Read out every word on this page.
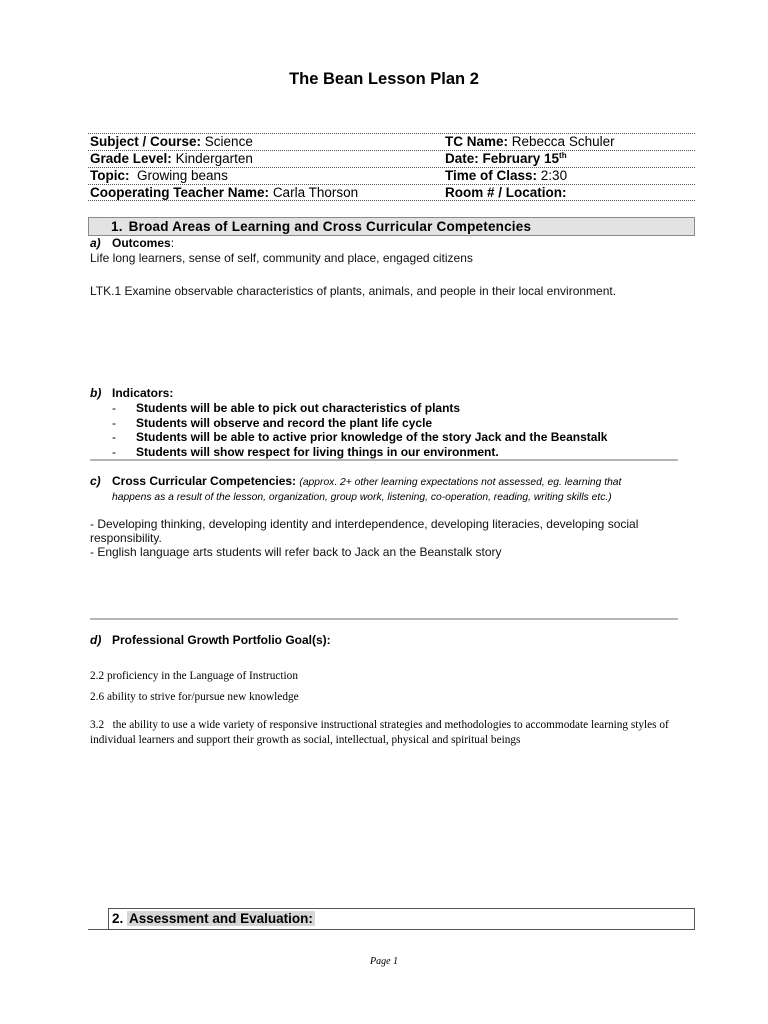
The Bean Lesson Plan 2
Subject / Course: Science	TC Name: Rebecca Schuler
Grade Level: Kindergarten	Date: February 15th
Topic: Growing beans	Time of Class: 2:30
Cooperating Teacher Name: Carla Thorson	Room # / Location:
1. Broad Areas of Learning and Cross Curricular Competencies
a) Outcomes:
Life long learners, sense of self, community and place, engaged citizens
LTK.1 Examine observable characteristics of plants, animals, and people in their local environment.
b) Indicators:
- Students will be able to pick out characteristics of plants
- Students will observe and record the plant life cycle
- Students will be able to active prior knowledge of the story Jack and the Beanstalk
- Students will show respect for living things in our environment.
c) Cross Curricular Competencies: (approx. 2+ other learning expectations not assessed, eg. learning that
happens as a result of the lesson, organization, group work, listening, co-operation, reading, writing skills etc.)
- Developing thinking, developing identity and interdependence, developing literacies, developing social responsibility.
- English language arts students will refer back to Jack an the Beanstalk story
d) Professional Growth Portfolio Goal(s):
2.2 proficiency in the Language of Instruction
2.6 ability to strive for/pursue new knowledge
3.2   the ability to use a wide variety of responsive instructional strategies and methodologies to accommodate learning styles of individual learners and support their growth as social, intellectual, physical and spiritual beings
2. Assessment and Evaluation:
Page 1
